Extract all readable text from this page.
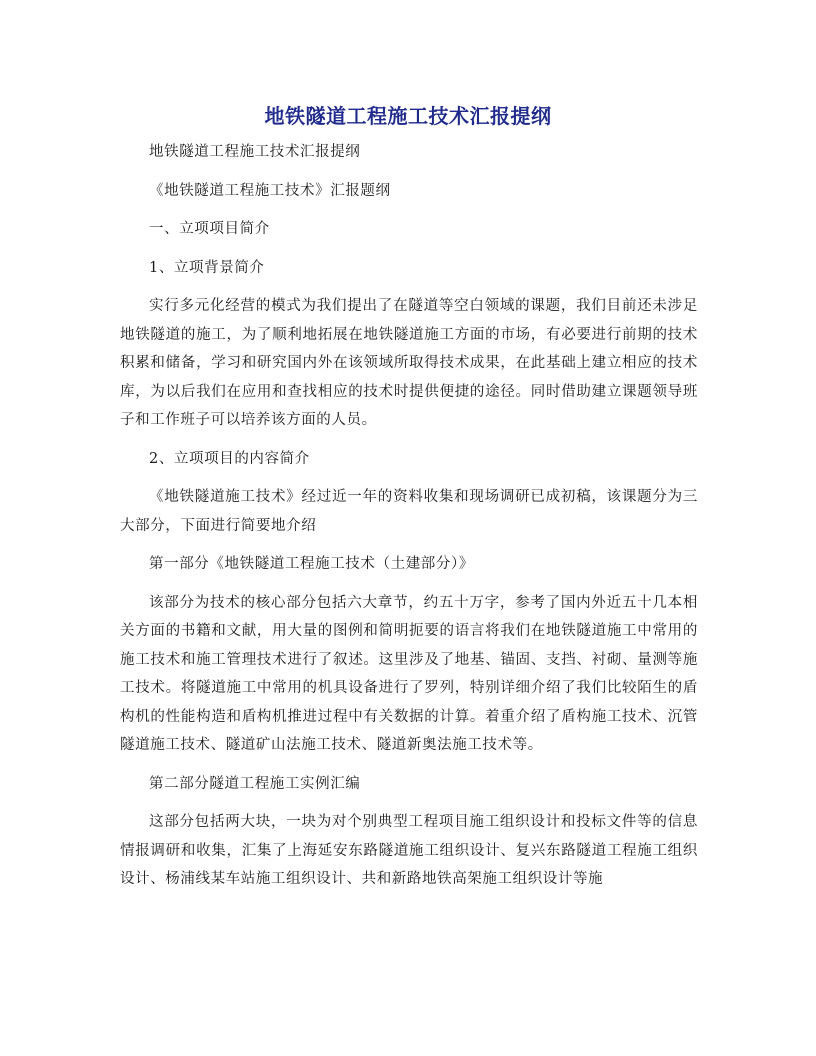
地铁隧道工程施工技术汇报提纲

地铁隧道工程施工技术汇报提纲

《地铁隧道工程施工技术》汇报题纲

一、立项项目简介

1、立项背景简介

实行多元化经营的模式为我们提出了在隧道等空白领域的课题，我们目前还未涉足地铁隧道的施工，为了顺利地拓展在地铁隧道施工方面的市场，有必要进行前期的技术积累和储备，学习和研究国内外在该领域所取得技术成果，在此基础上建立相应的技术库，为以后我们在应用和查找相应的技术时提供便捷的途径。同时借助建立课题领导班子和工作班子可以培养该方面的人员。

2、立项项目的内容简介

《地铁隧道施工技术》经过近一年的资料收集和现场调研已成初稿，该课题分为三大部分，下面进行简要地介绍

第一部分《地铁隧道工程施工技术（土建部分）》

该部分为技术的核心部分包括六大章节，约五十万字，参考了国内外近五十几本相关方面的书籍和文献，用大量的图例和简明扼要的语言将我们在地铁隧道施工中常用的施工技术和施工管理技术进行了叙述。这里涉及了地基、锚固、支挡、衬砌、量测等施工技术。将隧道施工中常用的机具设备进行了罗列，特别详细介绍了我们比较陌生的盾构机的性能构造和盾构机推进过程中有关数据的计算。着重介绍了盾构施工技术、沉管隧道施工技术、隧道矿山法施工技术、隧道新奥法施工技术等。

第二部分隧道工程施工实例汇编

这部分包括两大块，一块为对个别典型工程项目施工组织设计和投标文件等的信息情报调研和收集，汇集了上海延安东路隧道施工组织设计、复兴东路隧道工程施工组织设计、杨浦线某车站施工组织设计、共和新路地铁高架施工组织设计等施
